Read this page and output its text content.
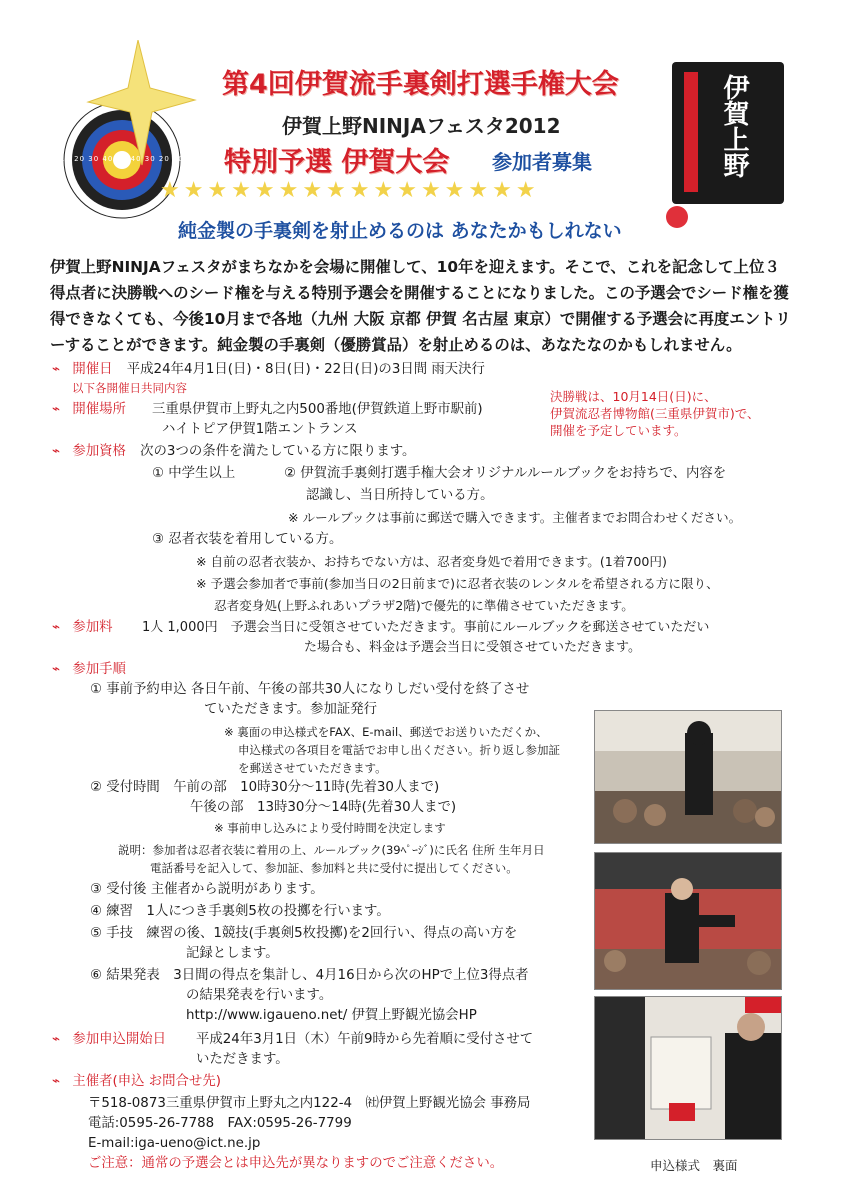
10 20 30 40 50 40 30 20 10
★★★★★★★★★★★★★★★★
第4回伊賀流手裏剣打選手権大会
伊賀上野NINJAフェスタ2012
特別予選 伊賀大会 参加者募集	伊賀上野
純金製の手裏剣を射止めるのは あなたかもしれない
伊賀上野NINJAフェスタがまちなかを会場に開催して、10年を迎えます。そこで、これを記念して上位３得点者に決勝戦へのシード権を与える特別予選会を開催することになりました。この予選会でシード権を獲得できなくても、今後10月まで各地（九州 大阪 京都 伊賀 名古屋 東京）で開催する予選会に再度エントリーすることができます。純金製の手裏剣（優勝賞品）を射止めるのは、あなたなのかもしれません。
⌁ 開催日 平成24年4月1日(日)・8日(日)・22日(日)の3日間 雨天決行
以下各開催日共同内容
⌁ 開催場所 三重県伊賀市上野丸之内500番地(伊賀鉄道上野市駅前)
ハイトピア伊賀1階エントランス
決勝戦は、10月14日(日)に、
伊賀流忍者博物館(三重県伊賀市)で、
開催を予定しています。
⌁ 参加資格 次の3つの条件を満たしている方に限ります。
① 中学生以上	② 伊賀流手裏剣打選手権大会オリジナルルールブックをお持ちで、内容を
認識し、当日所持している方。
※ ルールブックは事前に郵送で購入できます。主催者までお問合わせください。
③ 忍者衣装を着用している方。
※ 自前の忍者衣装か、お持ちでない方は、忍者変身処で着用できます。(1着700円)
※ 予選会参加者で事前(参加当日の2日前まで)に忍者衣装のレンタルを希望される方に限り、
忍者変身処(上野ふれあいプラザ2階)で優先的に準備させていただきます。
⌁ 参加料 1人 1,000円　予選会当日に受領させていただきます。事前にルールブックを郵送させていただい
た場合も、料金は予選会当日に受領させていただきます。
⌁ 参加手順
① 事前予約申込 各日午前、午後の部共30人になりしだい受付を終了させ
ていただきます。参加証発行
※ 裏面の申込様式をFAX、E-mail、郵送でお送りいただくか、
申込様式の各項目を電話でお申し出ください。折り返し参加証
を郵送させていただきます。
② 受付時間　午前の部　10時30分～11時(先着30人まで)
午後の部　13時30分～14時(先着30人まで)
※ 事前申し込みにより受付時間を決定します
説明：参加者は忍者衣装に着用の上、ルールブック(39ﾍﾟｰｼﾞ)に氏名 住所 生年月日
電話番号を記入して、参加証、参加料と共に受付に提出してください。
③ 受付後 主催者から説明があります。
④ 練習　1人につき手裏剣5枚の投擲を行います。
⑤ 手技　練習の後、1競技(手裏剣5枚投擲)を2回行い、得点の高い方を
記録とします。
⑥ 結果発表　3日間の得点を集計し、4月16日から次のHPで上位3得点者
の結果発表を行います。
http://www.igaueno.net/ 伊賀上野観光協会HP
⌁ 参加申込開始日 平成24年3月1日（木）午前9時から先着順に受付させて
いただきます。
⌁ 主催者(申込 お問合せ先)
〒518-0873三重県伊賀市上野丸之内122-4　㈳伊賀上野観光協会 事務局
電話:0595-26-7788　FAX:0595-26-7799
E-mail:iga-ueno@ict.ne.jp
ご注意：通常の予選会とは申込先が異なりますのでご注意ください。	申込様式　裏面
